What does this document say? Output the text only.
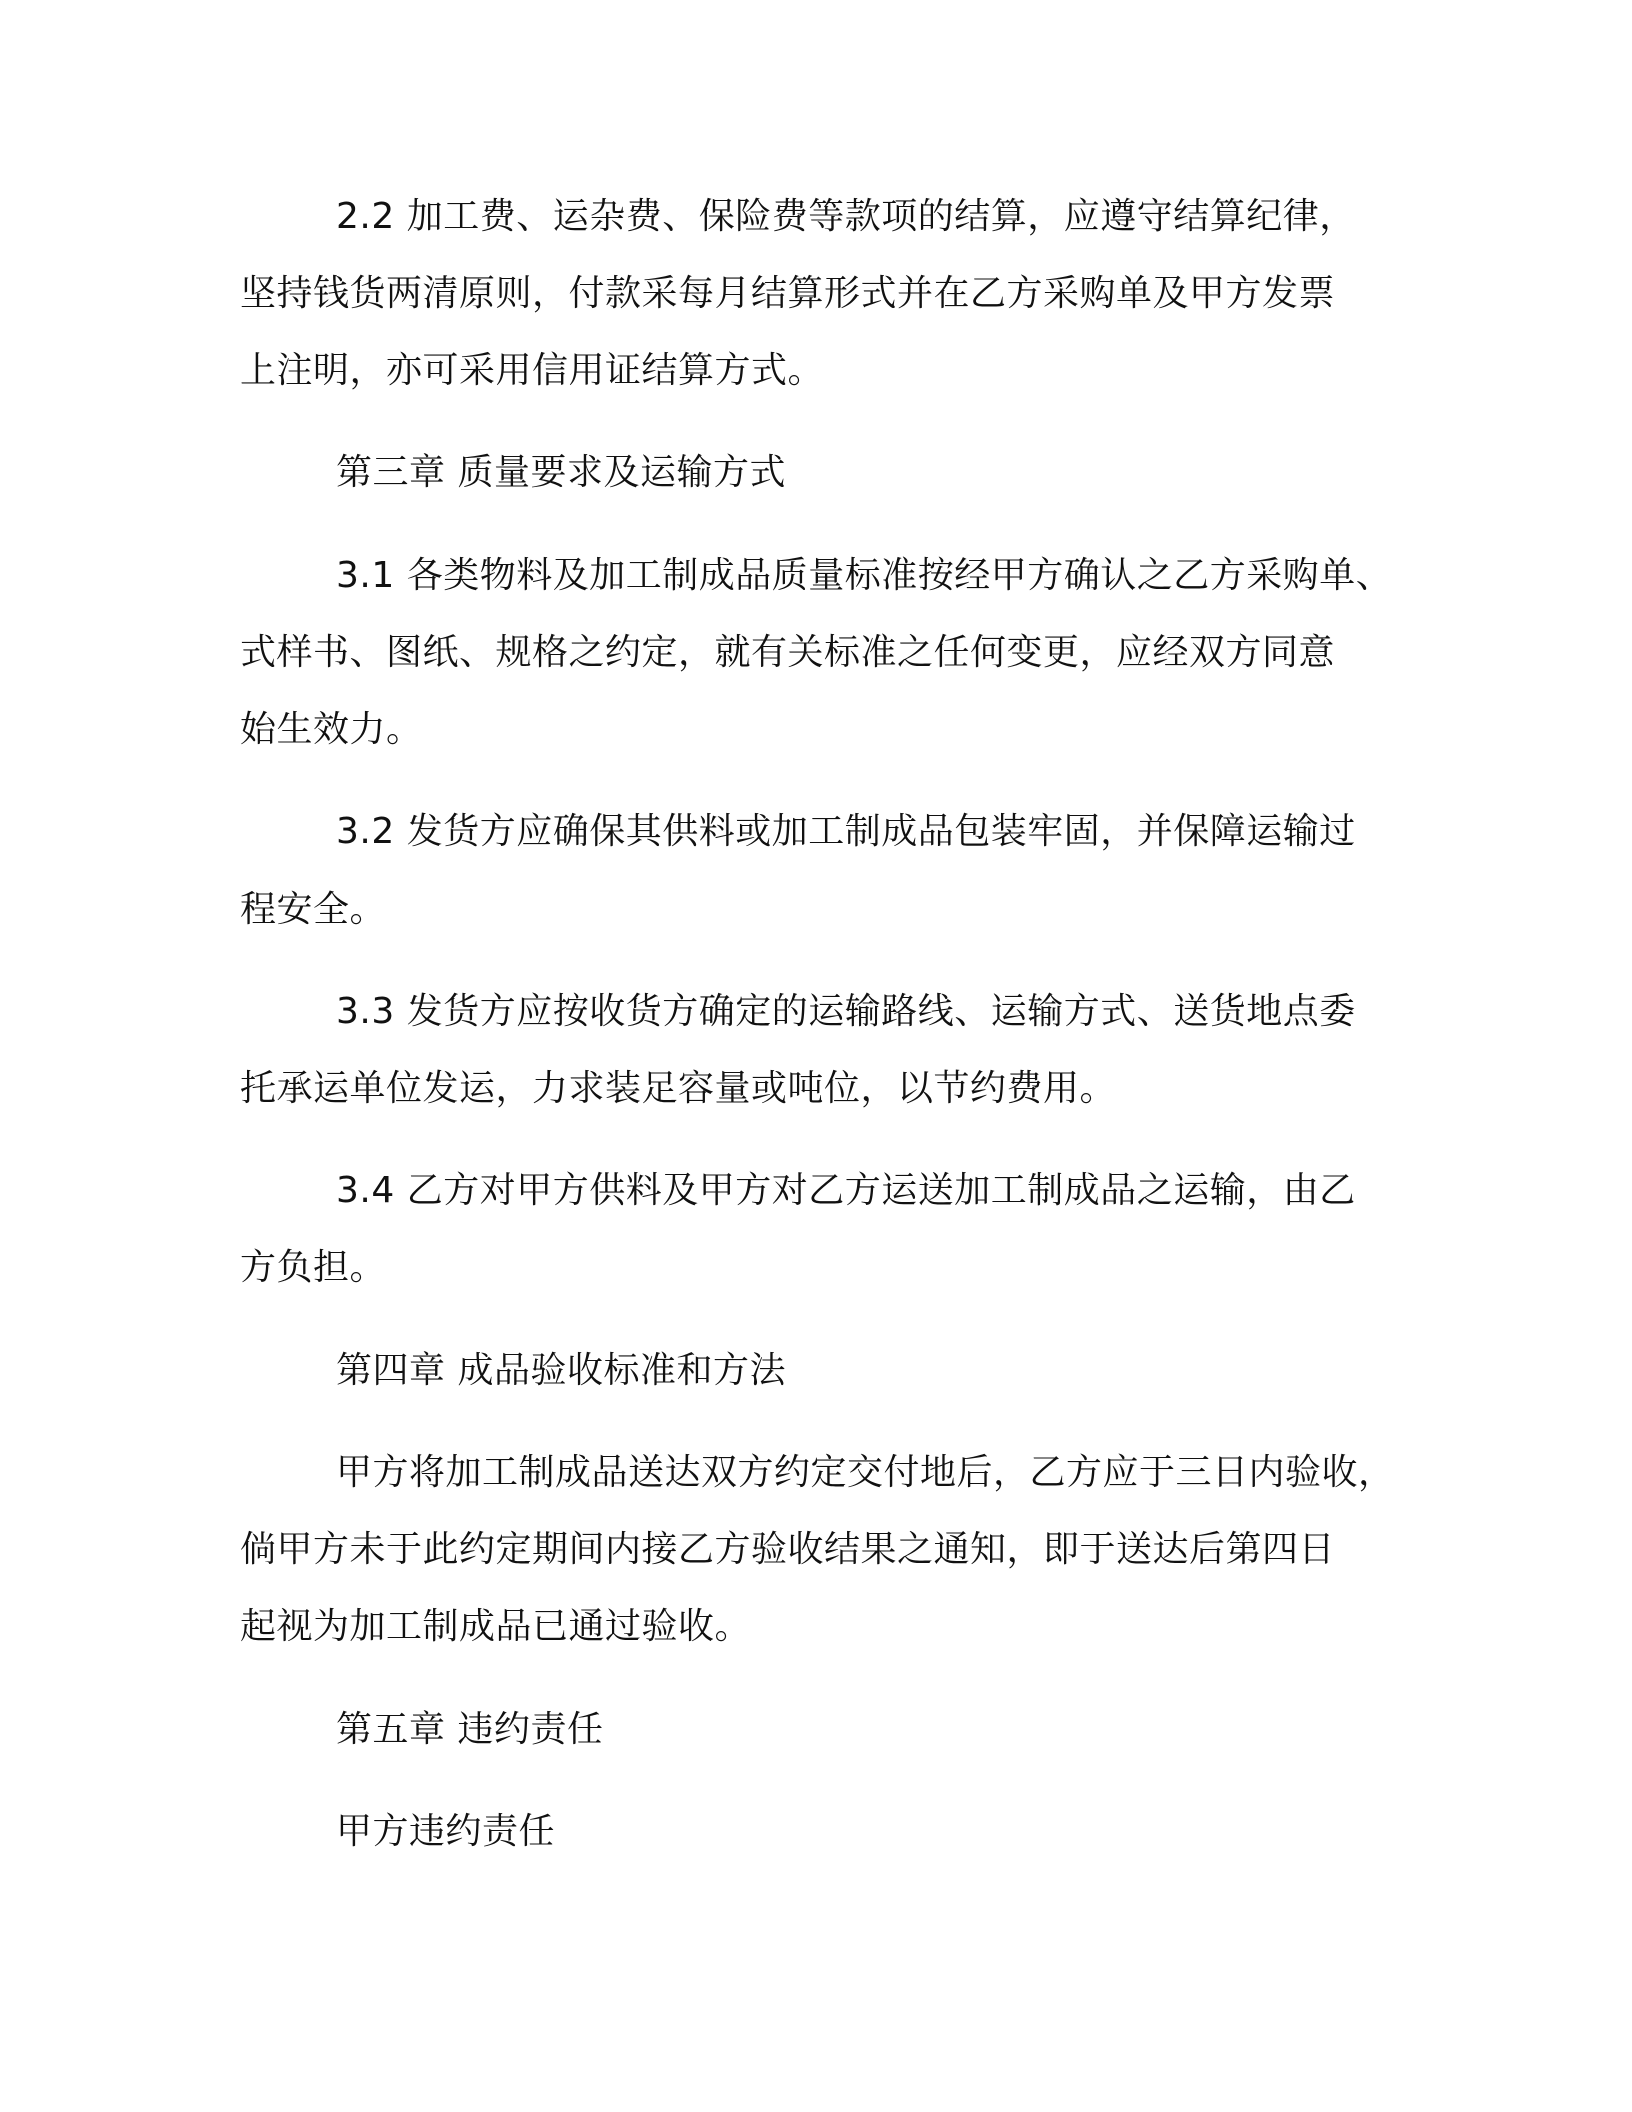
2.2 加工费、运杂费、保险费等款项的结算，应遵守结算纪律，
坚持钱货两清原则，付款采每月结算形式并在乙方采购单及甲方发票
上注明，亦可采用信用证结算方式。
第三章 质量要求及运输方式
3.1 各类物料及加工制成品质量标准按经甲方确认之乙方采购单、
式样书、图纸、规格之约定，就有关标准之任何变更，应经双方同意
始生效力。
3.2 发货方应确保其供料或加工制成品包装牢固，并保障运输过
程安全。
3.3 发货方应按收货方确定的运输路线、运输方式、送货地点委
托承运单位发运，力求装足容量或吨位，以节约费用。
3.4 乙方对甲方供料及甲方对乙方运送加工制成品之运输，由乙
方负担。
第四章 成品验收标准和方法
甲方将加工制成品送达双方约定交付地后，乙方应于三日内验收，
倘甲方未于此约定期间内接乙方验收结果之通知，即于送达后第四日
起视为加工制成品已通过验收。
第五章 违约责任
甲方违约责任
